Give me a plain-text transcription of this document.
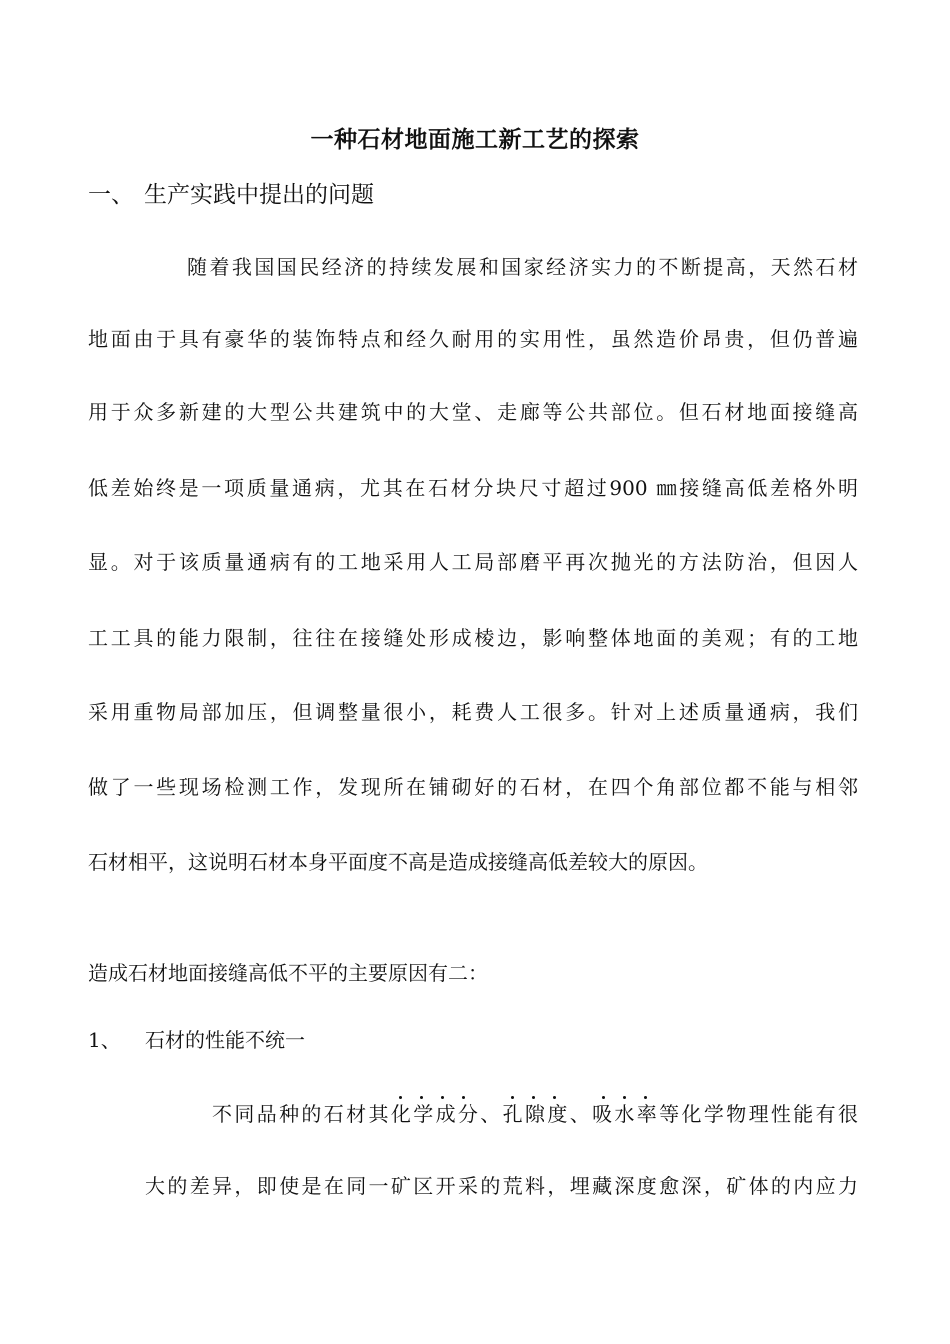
一种石材地面施工新工艺的探索
一、 生产实践中提出的问题
随着我国国民经济的持续发展和国家经济实力的不断提高，天然石材
地面由于具有豪华的装饰特点和经久耐用的实用性，虽然造价昂贵，但仍普遍
用于众多新建的大型公共建筑中的大堂、走廊等公共部位。但石材地面接缝高
低差始终是一项质量通病，尤其在石材分块尺寸超过900 ㎜接缝高低差格外明
显。对于该质量通病有的工地采用人工局部磨平再次抛光的方法防治，但因人
工工具的能力限制，往往在接缝处形成棱边，影响整体地面的美观；有的工地
采用重物局部加压，但调整量很小，耗费人工很多。针对上述质量通病，我们
做了一些现场检测工作，发现所在铺砌好的石材，在四个角部位都不能与相邻
石材相平，这说明石材本身平面度不高是造成接缝高低差较大的原因。
造成石材地面接缝高低不平的主要原因有二：
1、 石材的性能不统一
不同品种的石材其化学成分、孔隙度、吸水率等化学物理性能有很
大的差异，即使是在同一矿区开采的荒料，埋藏深度愈深，矿体的内应力
